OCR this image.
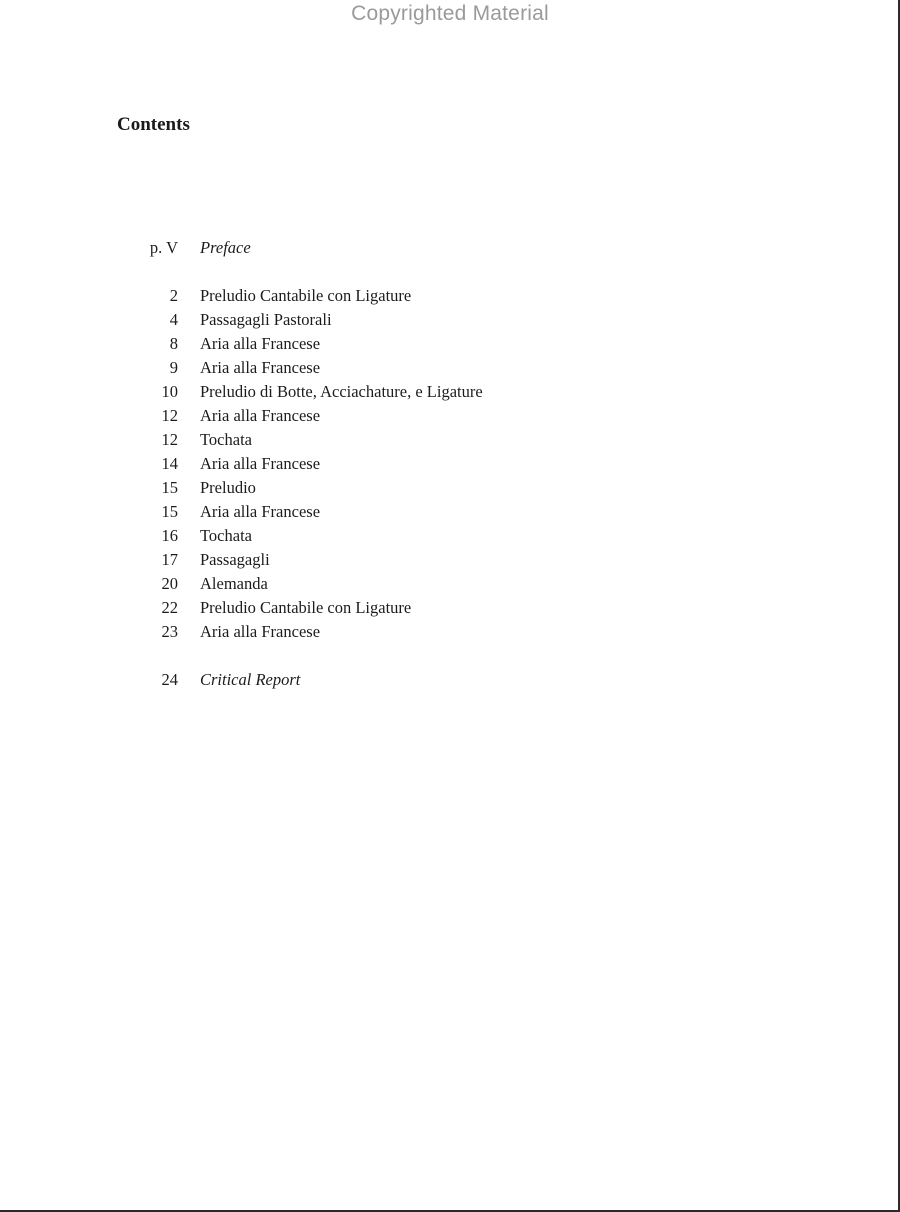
Copyrighted Material
Contents
p. V Preface
2 Preludio Cantabile con Ligature
4 Passagagli Pastorali
8 Aria alla Francese
9 Aria alla Francese
10 Preludio di Botte, Acciachature, e Ligature
12 Aria alla Francese
12 Tochata
14 Aria alla Francese
15 Preludio
15 Aria alla Francese
16 Tochata
17 Passagagli
20 Alemanda
22 Preludio Cantabile con Ligature
23 Aria alla Francese
24 Critical Report
